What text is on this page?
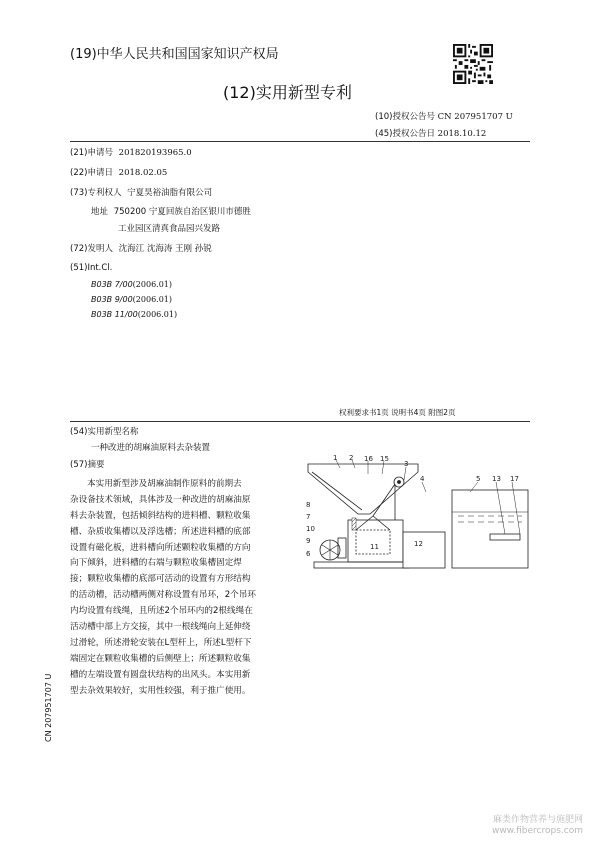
(19)中华人民共和国国家知识产权局
(12)实用新型专利
(10)授权公告号 CN 207951707 U
(45)授权公告日 2018.10.12
(21)申请号 201820193965.0
(22)申请日 2018.02.05
(73)专利权人 宁夏昊裕油脂有限公司
地址 750200 宁夏回族自治区银川市德胜
工业园区清真食品园兴发路
(72)发明人 沈海江 沈海涛 王刚 孙锐
(51)Int.Cl.
B03B 7/00(2006.01)
B03B 9/00(2006.01)
B03B 11/00(2006.01)
权利要求书1页 说明书4页 附图2页
(54)实用新型名称
一种改进的胡麻油原料去杂装置
(57)摘要
本实用新型涉及胡麻油制作原料的前期去
杂设备技术领域，具体涉及一种改进的胡麻油原
料去杂装置，包括倾斜结构的进料槽、颗粒收集
槽、杂质收集槽以及浮选槽；所述进料槽的底部
设置有磁化板，进料槽向所述颗粒收集槽的方向
向下倾斜，进料槽的右端与颗粒收集槽固定焊
接；颗粒收集槽的底部可活动的设置有方形结构
的活动槽，活动槽两侧对称设置有吊环，2个吊环
内均设置有线绳，且所述2个吊环内的2根线绳在
活动槽中部上方交接，其中一根线绳向上延伸绕
过滑轮，所述滑轮安装在L型杆上，所述L型杆下
端固定在颗粒收集槽的后侧壁上；所述颗粒收集
槽的左端设置有圆盘状结构的出风头。本实用新
型去杂效果较好，实用性较强，利于推广使用。
1 2 16 15
3
4	5 13 17
8
7
10
9
6
11	12
CN 207951707 U
麻类作物营养与施肥网
www.fibercrops.com
